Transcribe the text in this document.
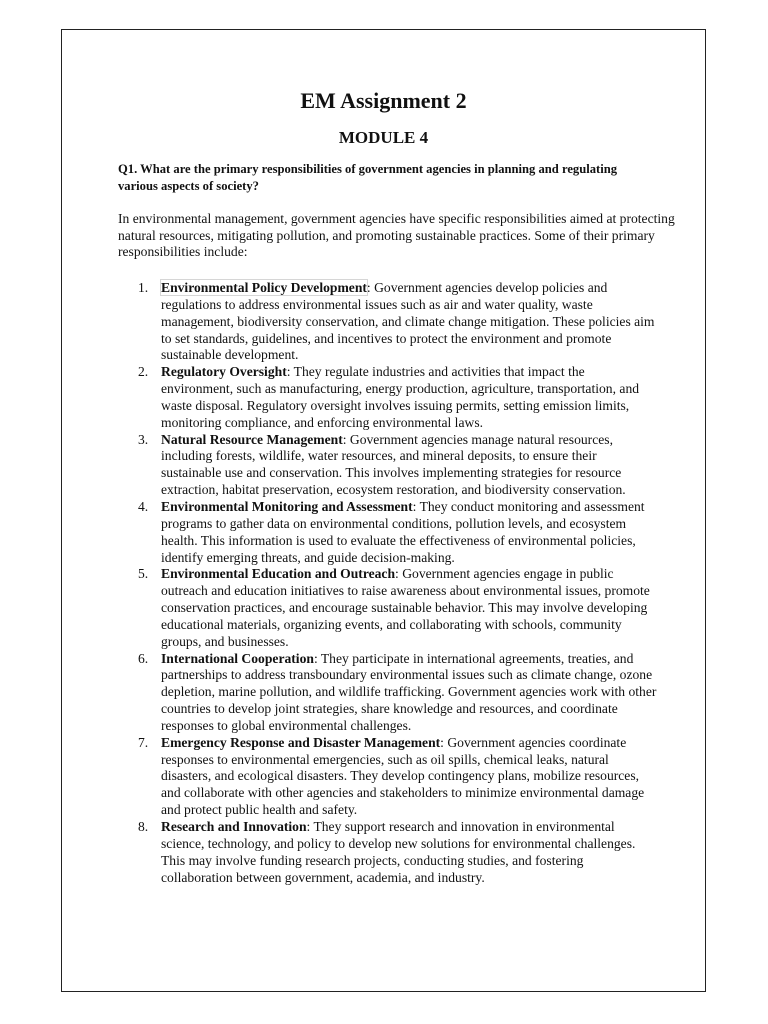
EM Assignment 2
MODULE 4

Q1. What are the primary responsibilities of government agencies in planning and regulating various aspects of society?

In environmental management, government agencies have specific responsibilities aimed at protecting natural resources, mitigating pollution, and promoting sustainable practices. Some of their primary responsibilities include:

1. Environmental Policy Development: Government agencies develop policies and regulations to address environmental issues such as air and water quality, waste management, biodiversity conservation, and climate change mitigation. These policies aim to set standards, guidelines, and incentives to protect the environment and promote sustainable development.
2. Regulatory Oversight: They regulate industries and activities that impact the environment, such as manufacturing, energy production, agriculture, transportation, and waste disposal. Regulatory oversight involves issuing permits, setting emission limits, monitoring compliance, and enforcing environmental laws.
3. Natural Resource Management: Government agencies manage natural resources, including forests, wildlife, water resources, and mineral deposits, to ensure their sustainable use and conservation. This involves implementing strategies for resource extraction, habitat preservation, ecosystem restoration, and biodiversity conservation.
4. Environmental Monitoring and Assessment: They conduct monitoring and assessment programs to gather data on environmental conditions, pollution levels, and ecosystem health. This information is used to evaluate the effectiveness of environmental policies, identify emerging threats, and guide decision-making.
5. Environmental Education and Outreach: Government agencies engage in public outreach and education initiatives to raise awareness about environmental issues, promote conservation practices, and encourage sustainable behavior. This may involve developing educational materials, organizing events, and collaborating with schools, community groups, and businesses.
6. International Cooperation: They participate in international agreements, treaties, and partnerships to address transboundary environmental issues such as climate change, ozone depletion, marine pollution, and wildlife trafficking. Government agencies work with other countries to develop joint strategies, share knowledge and resources, and coordinate responses to global environmental challenges.
7. Emergency Response and Disaster Management: Government agencies coordinate responses to environmental emergencies, such as oil spills, chemical leaks, natural disasters, and ecological disasters. They develop contingency plans, mobilize resources, and collaborate with other agencies and stakeholders to minimize environmental damage and protect public health and safety.
8. Research and Innovation: They support research and innovation in environmental science, technology, and policy to develop new solutions for environmental challenges. This may involve funding research projects, conducting studies, and fostering collaboration between government, academia, and industry.
